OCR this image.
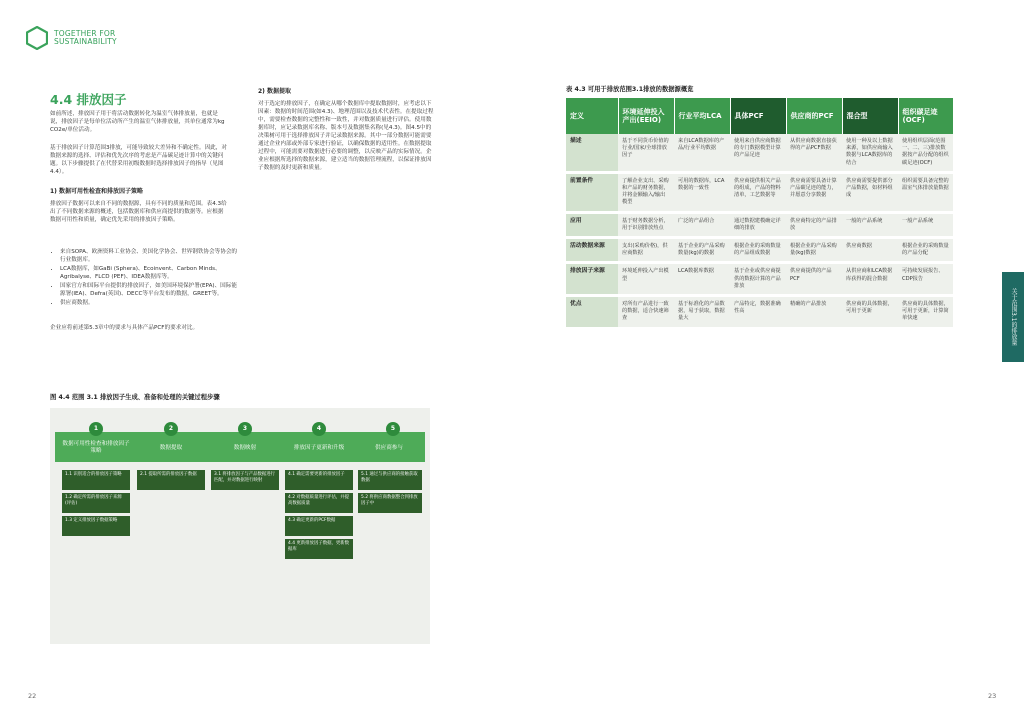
TOGETHER FOR
SUSTAINABILITY
4.4 排放因子
如前所述，排放因子用于将活动数据转化为温室气体排放量，也就是说，排放因子是每单位活动所产生的温室气体排放量，其单位通常为kg CO2e/单位活动。
基于排放因子计算范围3排放，可能导致较大差异和不确定性。因此，对数据来源的选择、评估和优先次序的考虑是产品碳足迹计算中的关键问题。以下步骤提供了在代替采用初级数据时选择排放因子的指导（见图4.4）。
1) 数据可用性检查和排放因子策略
排放因子数据可以来自不同的数据源，具有不同的质量和范围。表4.3给出了不同数据来源的概述，包括数据库和供应商提供的数据等。应根据数据可用性和质量，确定优先采用的排放因子策略。
• 来自SOPA、欧洲资料工业协会、美国化学协会、世界钢铁协会等协会的行业数据库。
• LCA数据库，如GaBi (Sphera)、Ecoinvent、Carbon Minds、Agribalyse、FLCD (PEF)、IDEA数据库等。
• 国家官方和国际平台提供的排放因子，如美国环境保护署(EPA)、国际能源署(IEA)、Defra(英国)、DECC等平台发布的数据，GREET等。
• 供应商数据。
企业应将前述第5.3章中的要求与具体产品PCF的要求对比。
2) 数据提取
对于选定的排放因子，在确定从哪个数据库中提取数据时，应考虑以下因素：数据的时间范围(如4.3)、地理范围以及技术代表性。在提取过程中，需要检查数据的完整性和一致性，并对数据质量进行评估。使用数据库时，应记录数据库名称、版本号及数据集名称(见4.3)。图4.5中的决策树可用于选择排放因子并记录数据来源。其中一部分数据可能需要通过企业内部或外部专家进行验证，以确保数据的适用性。在数据提取过程中，可能需要对数据进行必要的调整，以反映产品的实际情况。企业应根据所选择的数据来源，建立适当的数据管理流程，以保证排放因子数据的及时更新和质量。
图 4.4 范围 3.1 排放因子生成、准备和处理的关键过程步骤
1	2	3	4	5
数据可用性检查和排放因子策略
数据提取	数据映射	排放因子更新和升级	供应商参与
1.1 识别适合的排放因子策略
1.2 确定所需的排放因子来源(评估)
1.3 定义排放因子数据策略
2.1 提取所需的排放因子数据	3.1 将排放因子与产品数据进行匹配，并对数据进行映射
4.1 确定需要更新的排放因子
4.2 对数据质量进行评估，并提高数据质量
4.3 确定更新的PCF数据
4.4 更新排放因子数据，更新数据库
5.1 通过与供应商的接触获取数据
5.2 将供应商数据整合到排放因子中
表 4.3 可用于排放范围3.1排放的数据源概览
定义	环境延伸投入产出(EEIO)	行业平均LCA	具体PCF	供应商的PCF	混合型	组织碳足迹(OCF)
描述	基于不同货币价值的行业/国家/全球排放因子	来自LCA数据库的产品/行业平均数据	使用来自供应商数据的专门数据模型计算的产品足迹	从供应商数据直接获得的产品PCF数据	使用一种及以上数据来源，如供应商输入数据与LCA数据库的结合	使用组织层面(范围一、二、三)排放数据按产品分配的组织碳足迹(OCF)
前置条件	了解企业支出、采购和产品的财务数据，并将金额输入/输出模型	可用的数据库，LCA数据的一致性	供应商提供相关产品的组成，产品的物料清单，工艺数据等	供应商需要具备计算产品碳足迹的能力，并愿意分享数据	供应商需要提供部分产品数据，如材料组成	组织需要具备完整的温室气体排放量数据
应用	基于财务数据分析，用于识别排放热点	广泛的产品组合	通过数据建模确定详细的排放	供应商特定的产品排放	一般的产品系统	一般产品系统
活动数据来源	支出(采购价格)，供应商数据	基于企业的产品采购数量(kg)的数据	根据企业的采购数量的产品组成数据	根据企业的产品采购量(kg)数据	供应商数据	根据企业的采购数量的产品分配
排放因子来源	环境延伸投入产出模型	LCA数据库数据	基于企业或供应商提供的数据计算的产品排放	供应商提供的产品PCF	从供应商和LCA数据库获得的混合数据	可持续发展报告、CDP报告
优点	对所有产品进行一致的数据，适合快速筛查	基于标准化的产品数据，易于获取，数据量大	产品特定，数据准确性高	精确的产品排放	供应商的具体数据，可用于更新	供应商的具体数据，可用于更新，计算简单快速	关于范围3.1的排放量
22	23
